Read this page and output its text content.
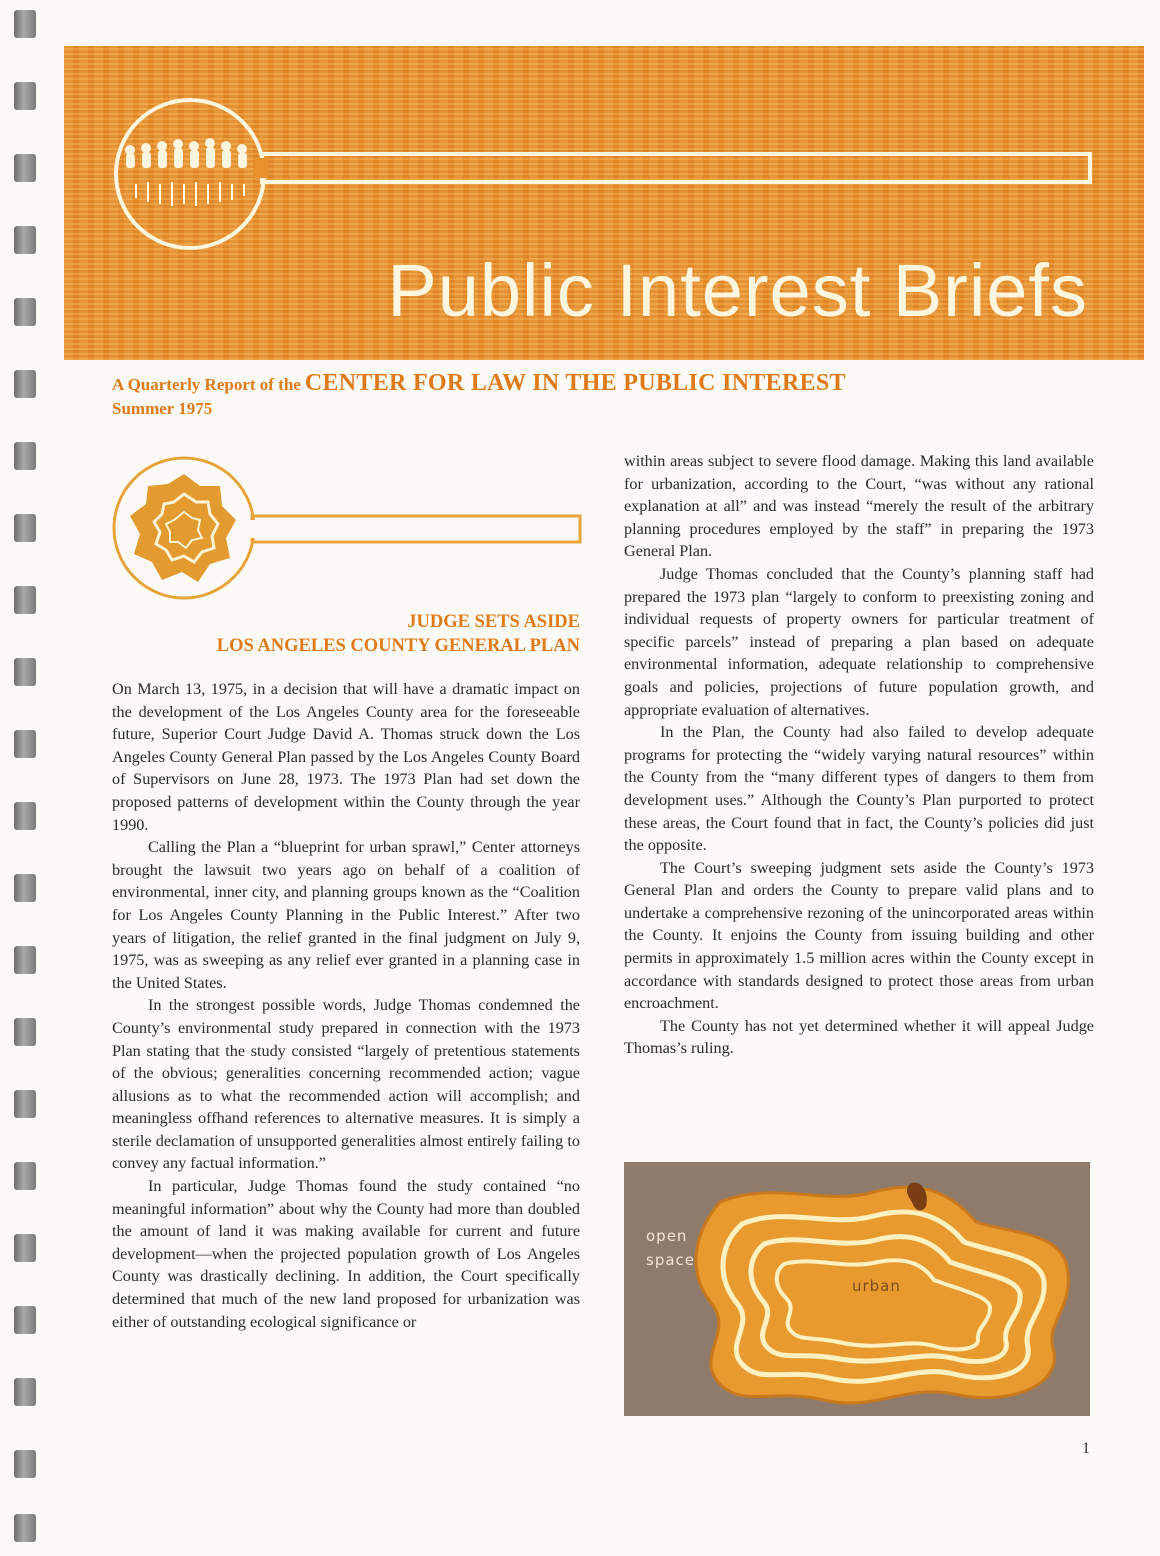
Public Interest Briefs
A Quarterly Report of the CENTER FOR LAW IN THE PUBLIC INTEREST
Summer 1975
JUDGE SETS ASIDE
LOS ANGELES COUNTY GENERAL PLAN

On March 13, 1975, in a decision that will have a dramatic impact on the development of the Los Angeles County area for the foreseeable future, Superior Court Judge David A. Thomas struck down the Los Angeles County General Plan passed by the Los Angeles County Board of Supervisors on June 28, 1973. The 1973 Plan had set down the proposed patterns of development within the County through the year 1990.

Calling the Plan a “blueprint for urban sprawl,” Center attorneys brought the lawsuit two years ago on behalf of a coalition of environmental, inner city, and planning groups known as the “Coalition for Los Angeles County Planning in the Public Interest.” After two years of litigation, the relief granted in the final judgment on July 9, 1975, was as sweeping as any relief ever granted in a planning case in the United States.

In the strongest possible words, Judge Thomas condemned the County’s environmental study prepared in connection with the 1973 Plan stating that the study consisted “largely of pretentious statements of the obvious; generalities concerning recommended action; vague allusions as to what the recommended action will accomplish; and meaningless offhand references to alternative measures. It is simply a sterile declamation of unsupported generalities almost entirely failing to convey any factual information.”

In particular, Judge Thomas found the study contained “no meaningful information” about why the County had more than doubled the amount of land it was making available for current and future development—when the projected population growth of Los Angeles County was drastically declining. In addition, the Court specifically determined that much of the new land proposed for urbanization was either of outstanding ecological significance or

within areas subject to severe flood damage. Making this land available for urbanization, according to the Court, “was without any rational explanation at all” and was instead “merely the result of the arbitrary planning procedures employed by the staff” in preparing the 1973 General Plan.

Judge Thomas concluded that the County’s planning staff had prepared the 1973 plan “largely to conform to preexisting zoning and individual requests of property owners for particular treatment of specific parcels” instead of preparing a plan based on adequate environmental information, adequate relationship to comprehensive goals and policies, projections of future population growth, and appropriate evaluation of alternatives.

In the Plan, the County had also failed to develop adequate programs for protecting the “widely varying natural resources” within the County from the “many different types of dangers to them from development uses.” Although the County’s Plan purported to protect these areas, the Court found that in fact, the County’s policies did just the opposite.

The Court’s sweeping judgment sets aside the County’s 1973 General Plan and orders the County to prepare valid plans and to undertake a comprehensive rezoning of the unincorporated areas within the County. It enjoins the County from issuing building and other permits in approximately 1.5 million acres within the County except in accordance with standards designed to protect those areas from urban encroachment.

The County has not yet determined whether it will appeal Judge Thomas’s ruling.

open
space
urban
1
